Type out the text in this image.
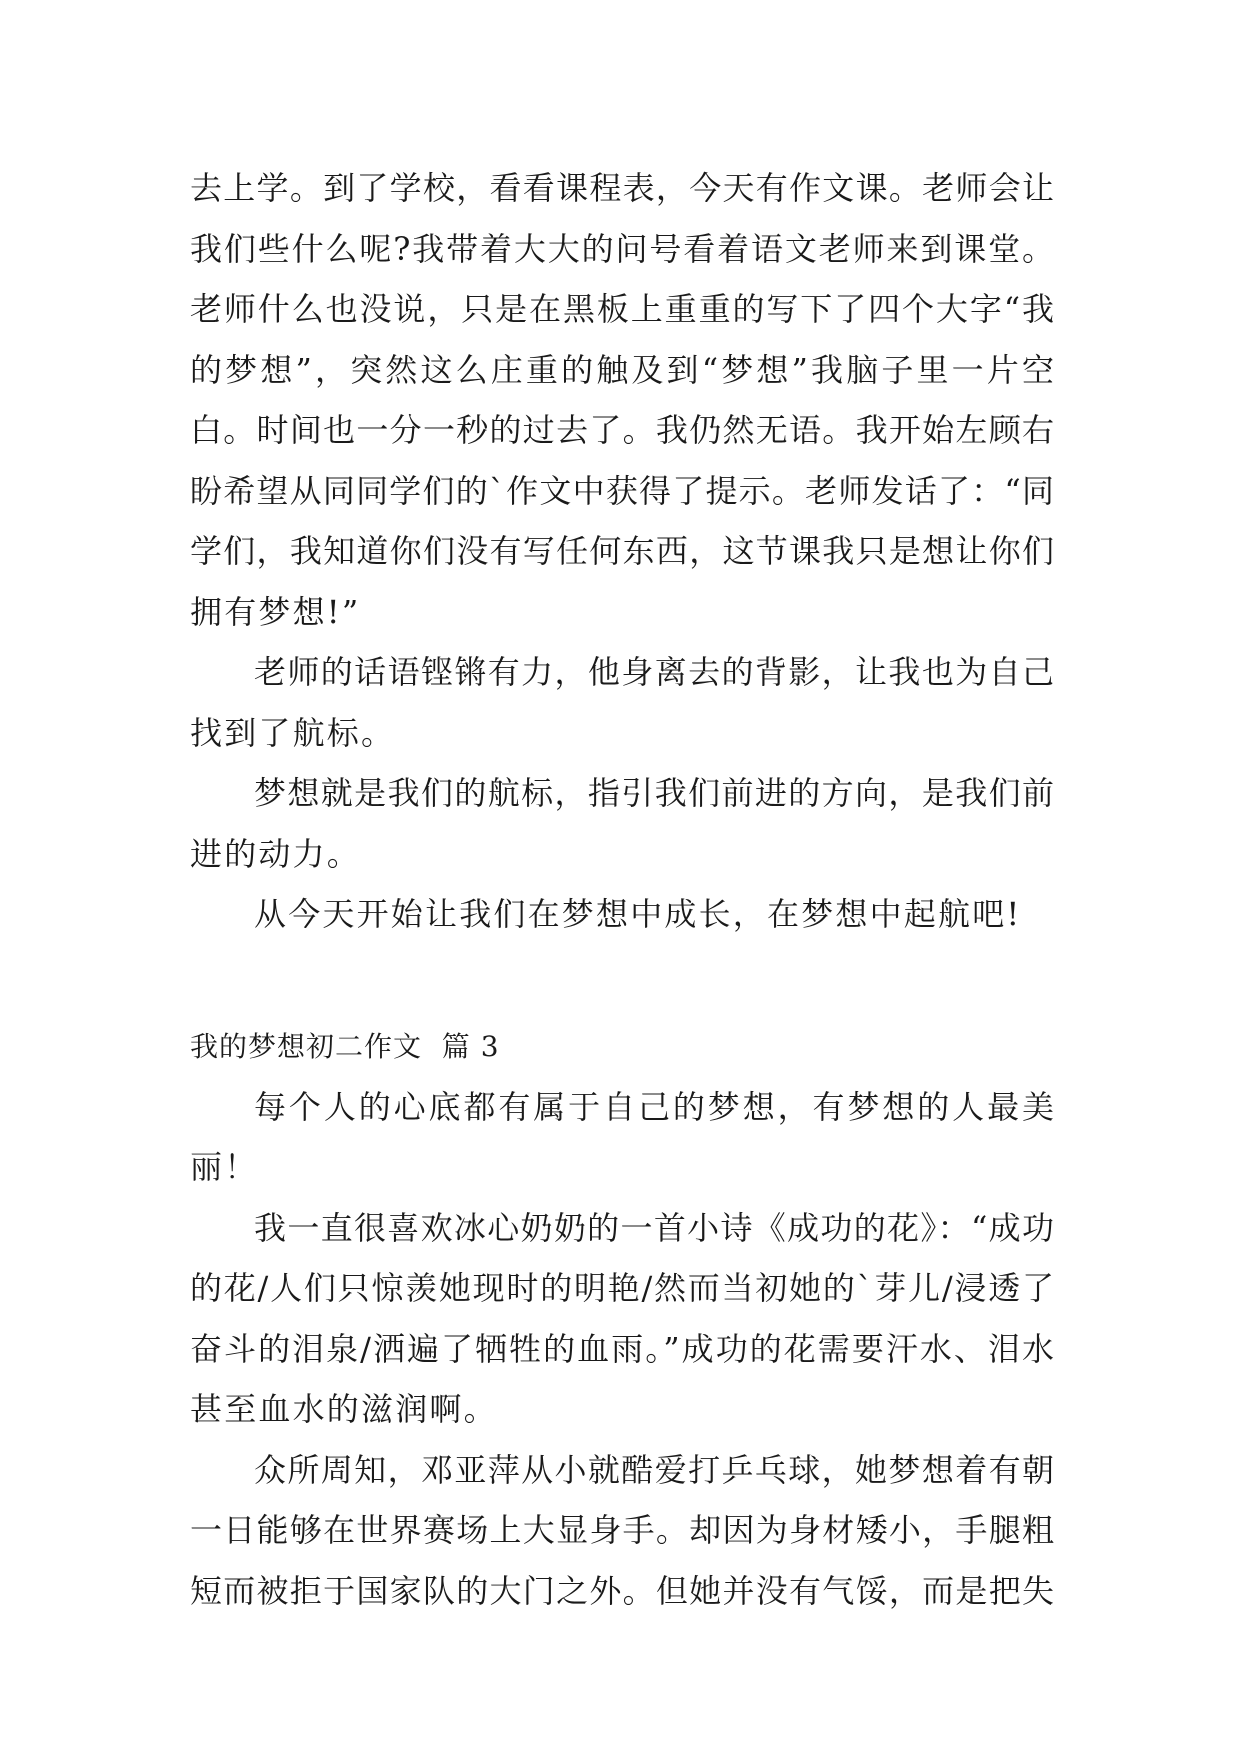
去上学。到了学校，看看课程表，今天有作文课。老师会让
我们些什么呢?我带着大大的问号看着语文老师来到课堂。
老师什么也没说，只是在黑板上重重的写下了四个大字“我
的梦想”，突然这么庄重的触及到“梦想”我脑子里一片空
白。时间也一分一秒的过去了。我仍然无语。我开始左顾右
盼希望从同同学们的`作文中获得了提示。老师发话了：“同
学们，我知道你们没有写任何东西，这节课我只是想让你们
拥有梦想!”
老师的话语铿锵有力，他身离去的背影，让我也为自己
找到了航标。
梦想就是我们的航标，指引我们前进的方向，是我们前
进的动力。
从今天开始让我们在梦想中成长，在梦想中起航吧!
我的梦想初二作文  篇 3
每个人的心底都有属于自己的梦想，有梦想的人最美
丽！
我一直很喜欢冰心奶奶的一首小诗《成功的花》：“成功
的花/人们只惊羡她现时的明艳/然而当初她的`芽儿/浸透了
奋斗的泪泉/洒遍了牺牲的血雨。”成功的花需要汗水、泪水
甚至血水的滋润啊。
众所周知，邓亚萍从小就酷爱打乒乓球，她梦想着有朝
一日能够在世界赛场上大显身手。却因为身材矮小，手腿粗
短而被拒于国家队的大门之外。但她并没有气馁，而是把失
